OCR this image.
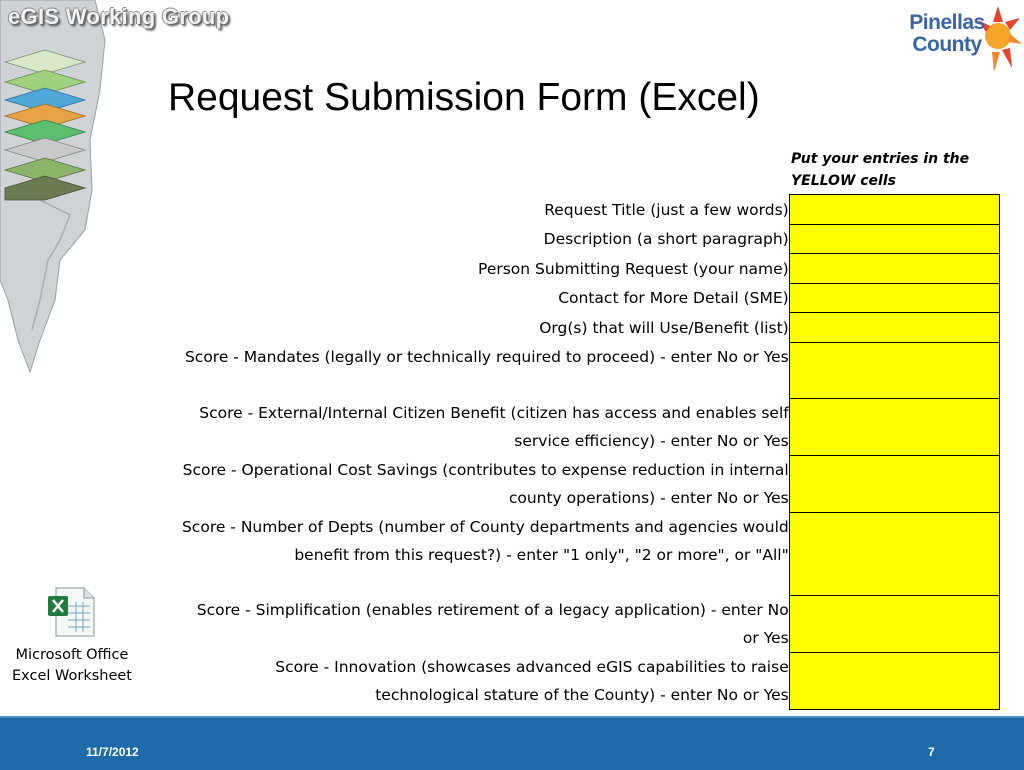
eGIS Working Group	Pinellas County
Request Submission Form (Excel)
Put your entries in the YELLOW cells
Request Title (just a few words)	
Description (a short paragraph)	
Person Submitting Request (your name)	
Contact for More Detail (SME)	
Org(s) that will Use/Benefit (list)	
Score - Mandates (legally or technically required to proceed) - enter No or Yes	
Score - External/Internal Citizen Benefit (citizen has access and enables self service efficiency) - enter No or Yes	
Score - Operational Cost Savings (contributes to expense reduction in internal county operations) - enter No or Yes	
Score - Number of Depts (number of County departments and agencies would benefit from this request?) - enter "1 only", "2 or more", or "All"	
Score - Simplification (enables retirement of a legacy application) - enter No or Yes	
Score - Innovation (showcases advanced eGIS capabilities to raise technological stature of the County) - enter No or Yes	
Microsoft Office Excel Worksheet
11/7/2012	7
